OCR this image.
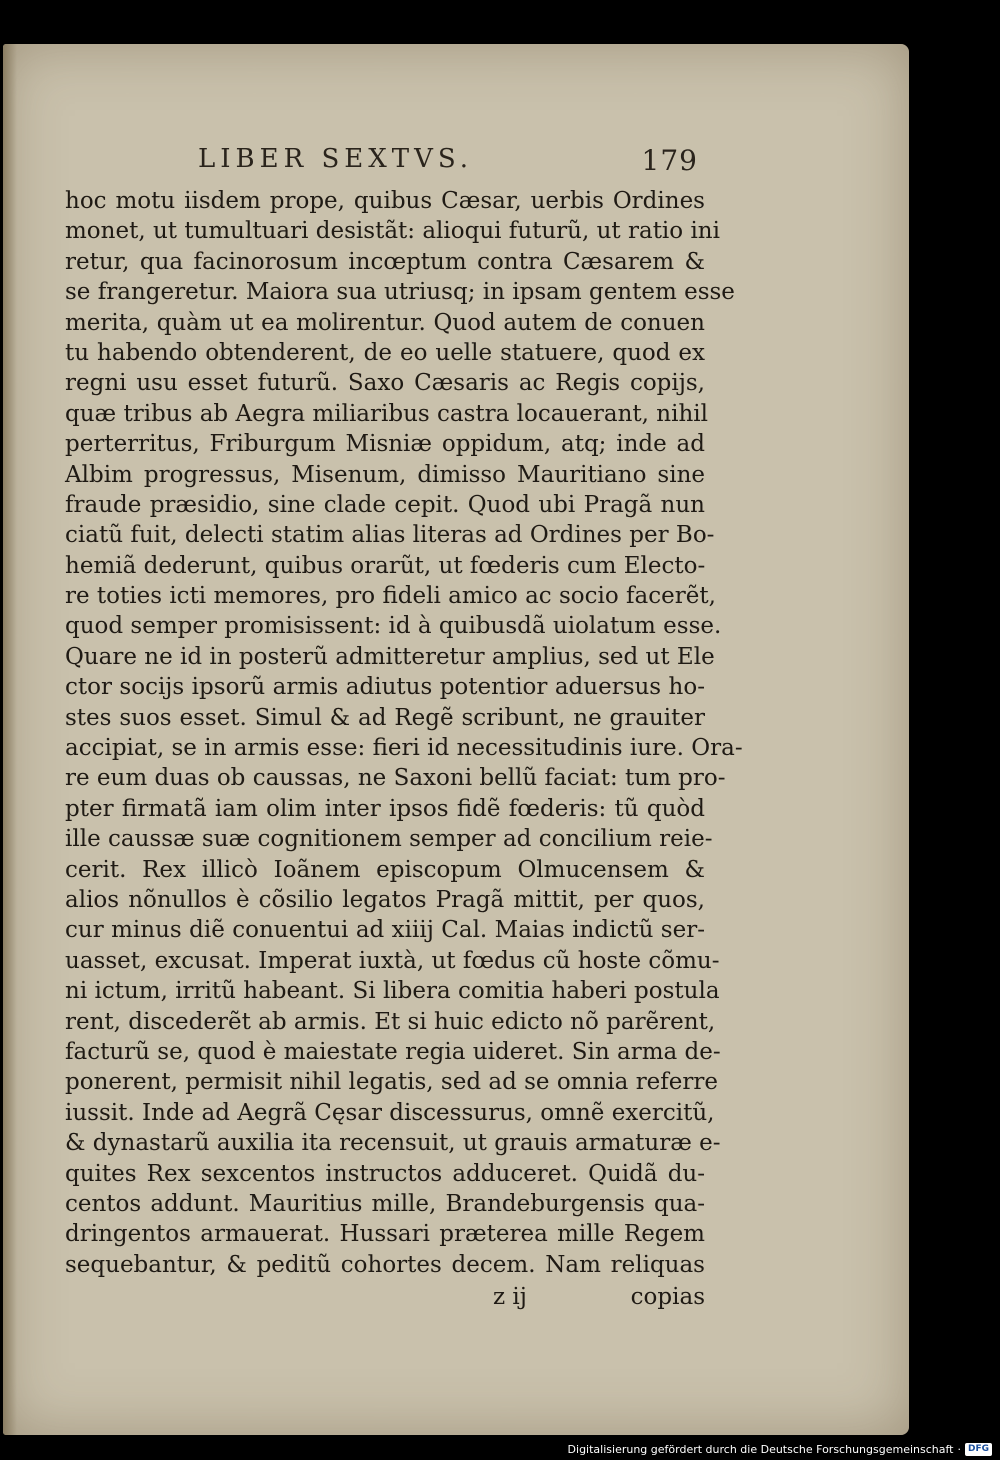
LIBER SEXTVS.	179
hoc motu iisdem prope, quibus Cæsar, uerbis Ordines
monet, ut tumultuari desistãt: alioqui futurũ, ut ratio ini
retur, qua facinorosum incœptum contra Cæsarem &
se frangeretur. Maiora sua utriusq; in ipsam gentem esse
merita, quàm ut ea molirentur. Quod autem de conuen
tu habendo obtenderent, de eo uelle statuere, quod ex
regni usu esset futurũ. Saxo Cæsaris ac Regis copijs,
quæ tribus ab Aegra miliaribus castra locauerant, nihil
perterritus, Friburgum Misniæ oppidum, atq; inde ad
Albim progressus, Misenum, dimisso Mauritiano sine
fraude præsidio, sine clade cepit. Quod ubi Pragã nun
ciatũ fuit, delecti statim alias literas ad Ordines per Bo-
hemiã dederunt, quibus orarũt, ut fœderis cum Electo-
re toties icti memores, pro fideli amico ac socio facerẽt,
quod semper promisissent: id à quibusdã uiolatum esse.
Quare ne id in posterũ admitteretur amplius, sed ut Ele
ctor socijs ipsorũ armis adiutus potentior aduersus ho-
stes suos esset. Simul & ad Regẽ scribunt, ne grauiter
accipiat, se in armis esse: fieri id necessitudinis iure. Ora-
re eum duas ob caussas, ne Saxoni bellũ faciat: tum pro-
pter firmatã iam olim inter ipsos fidẽ fœderis: tũ quòd
ille caussæ suæ cognitionem semper ad concilium reie-
cerit. Rex illicò Ioãnem episcopum Olmucensem &
alios nõnullos è cõsilio legatos Pragã mittit, per quos,
cur minus diẽ conuentui ad xiiij Cal. Maias indictũ ser-
uasset, excusat. Imperat iuxtà, ut fœdus cũ hoste cõmu-
ni ictum, irritũ habeant. Si libera comitia haberi postula
rent, discederẽt ab armis. Et si huic edicto nõ parẽrent,
facturũ se, quod è maiestate regia uideret. Sin arma de-
ponerent, permisit nihil legatis, sed ad se omnia referre
iussit. Inde ad Aegrã Cęsar discessurus, omnẽ exercitũ,
& dynastarũ auxilia ita recensuit, ut grauis armaturæ e-
quites Rex sexcentos instructos adduceret. Quidã du-
centos addunt. Mauritius mille, Brandeburgensis qua-
dringentos armauerat. Hussari præterea mille Regem
sequebantur, & peditũ cohortes decem. Nam reliquas
z ij	copias
Digitalisierung gefördert durch die Deutsche Forschungsgemeinschaft · DFG
